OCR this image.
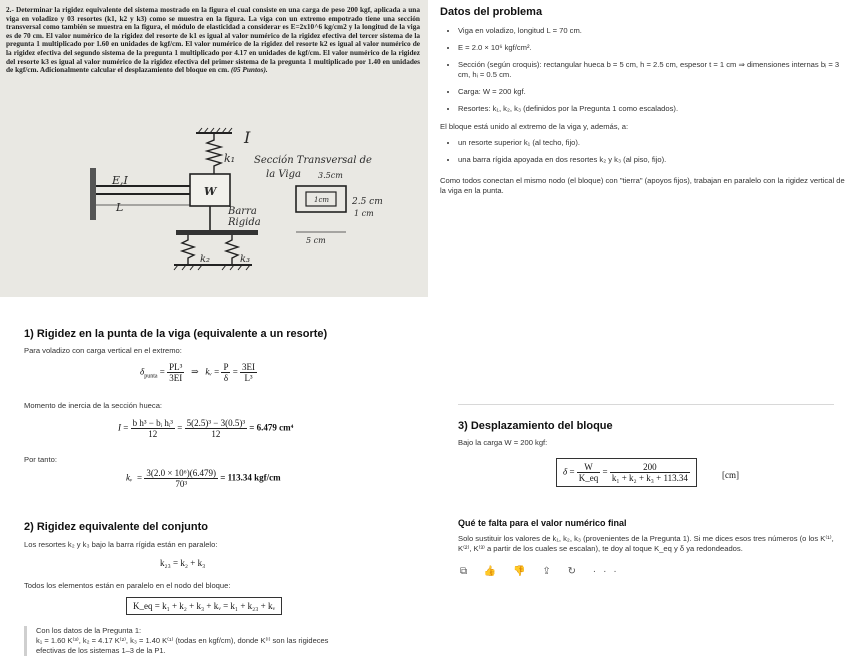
2.- Determinar la rigidez equivalente del sistema mostrado en la figura el cual consiste en una carga de peso 200 kgf, aplicada a una viga en voladizo y 03 resortes (k1, k2 y k3) como se muestra en la figura. La viga con un extremo empotrado tiene una sección transversal como también se muestra en la figura, el módulo de elasticidad a considerar es E=2x10^6 kg/cm2 y la longitud de la viga es de 70 cm. El valor numérico de la rigidez del resorte de k1 es igual al valor numérico de la rigidez efectiva del tercer sistema de la pregunta 1 multiplicado por 1.60 en unidades de kgf/cm. El valor numérico de la rigidez del resorte k2 es igual al valor numérico de la rigidez efectiva del segundo sistema de la pregunta 1 multiplicado por 4.17 en unidades de kgf/cm. El valor numérico de la rigidez del resorte k3 es igual al valor numérico de la rigidez efectiva del primer sistema de la pregunta 1 multiplicado por 1.40 en unidades de kgf/cm. Adicionalmente calcular el desplazamiento del bloque en cm. (05 Puntos).
k₁
I
E,I
L
W
Barra
Rigida
k₂	k₃
Sección Transversal de
la Viga 3.5cm
1cm	2.5 cm
1 cm
5 cm
Datos del problema
• Viga en voladizo, longitud L = 70 cm.
• E = 2.0 × 10⁶ kgf/cm².
• Sección (según croquis): rectangular hueca b = 5 cm, h = 2.5 cm, espesor t = 1 cm ⇒ dimensiones internas bᵢ = 3 cm, hᵢ = 0.5 cm.
• Carga: W = 200 kgf.
• Resortes: k₁, k₂, k₃ (definidos por la Pregunta 1 como escalados).
El bloque está unido al extremo de la viga y, además, a:
• un resorte superior k₁ (al techo, fijo).
• una barra rígida apoyada en dos resortes k₂ y k₃ (al piso, fijo).
Como todos conectan el mismo nodo (el bloque) con "tierra" (apoyos fijos), trabajan en paralelo con la rigidez vertical de la viga en la punta.
1) Rigidez en la punta de la viga (equivalente a un resorte)
Para voladizo con carga vertical en el extremo:
$\delta_{punta} = \frac{\text{PL³}}{3EI}$ ⇒ kᵥ = $\frac{P}{\delta} = \frac{3EI}{\text{L³}}$
Momento de inercia de la sección hueca:
$I = \frac{\text{b h³ − bᵢ hᵢ³}}{12} = \frac{\text{5(2.5)³ − 3(0.5)³}}{12} = 6.479$ cm⁴
Por tanto:
kᵥ = $\frac{\text{3(2.0 × 10⁶)(6.479)}}{\text{70³}} = 113.34$ kgf/cm
2) Rigidez equivalente del conjunto
Los resortes k₂ y k₃ bajo la barra rígida están en paralelo:
k₂₃ = k₂ + k₃
Todos los elementos están en paralelo en el nodo del bloque:
K_eq = k₁ + k₂ + k₃ + kᵥ = k₁ + k₂₃ + kᵥ
Con los datos de la Pregunta 1:
k₁ = 1.60 K⁽³⁾, k₂ = 4.17 K⁽²⁾, k₃ = 1.40 K⁽¹⁾ (todas en kgf/cm), donde K⁽ⁱ⁾ son las rigideces efectivas de los sistemas 1–3 de la P1.
3) Desplazamiento del bloque
Bajo la carga W = 200 kgf:
$\delta = \frac{W}{K\_eq} = \frac{200}{\text{k₁ + k₂ + k₃ + 113.34}}$	[cm]
Qué te falta para el valor numérico final
Solo sustituir los valores de k₁, k₂, k₃ (provenientes de la Pregunta 1). Si me dices esos tres números (o los K⁽¹⁾, K⁽²⁾, K⁽³⁾ a partir de los cuales se escalan), te doy al toque K_eq y δ ya redondeados.
⧉ 👍 👎 ⇪ ↻ ···
